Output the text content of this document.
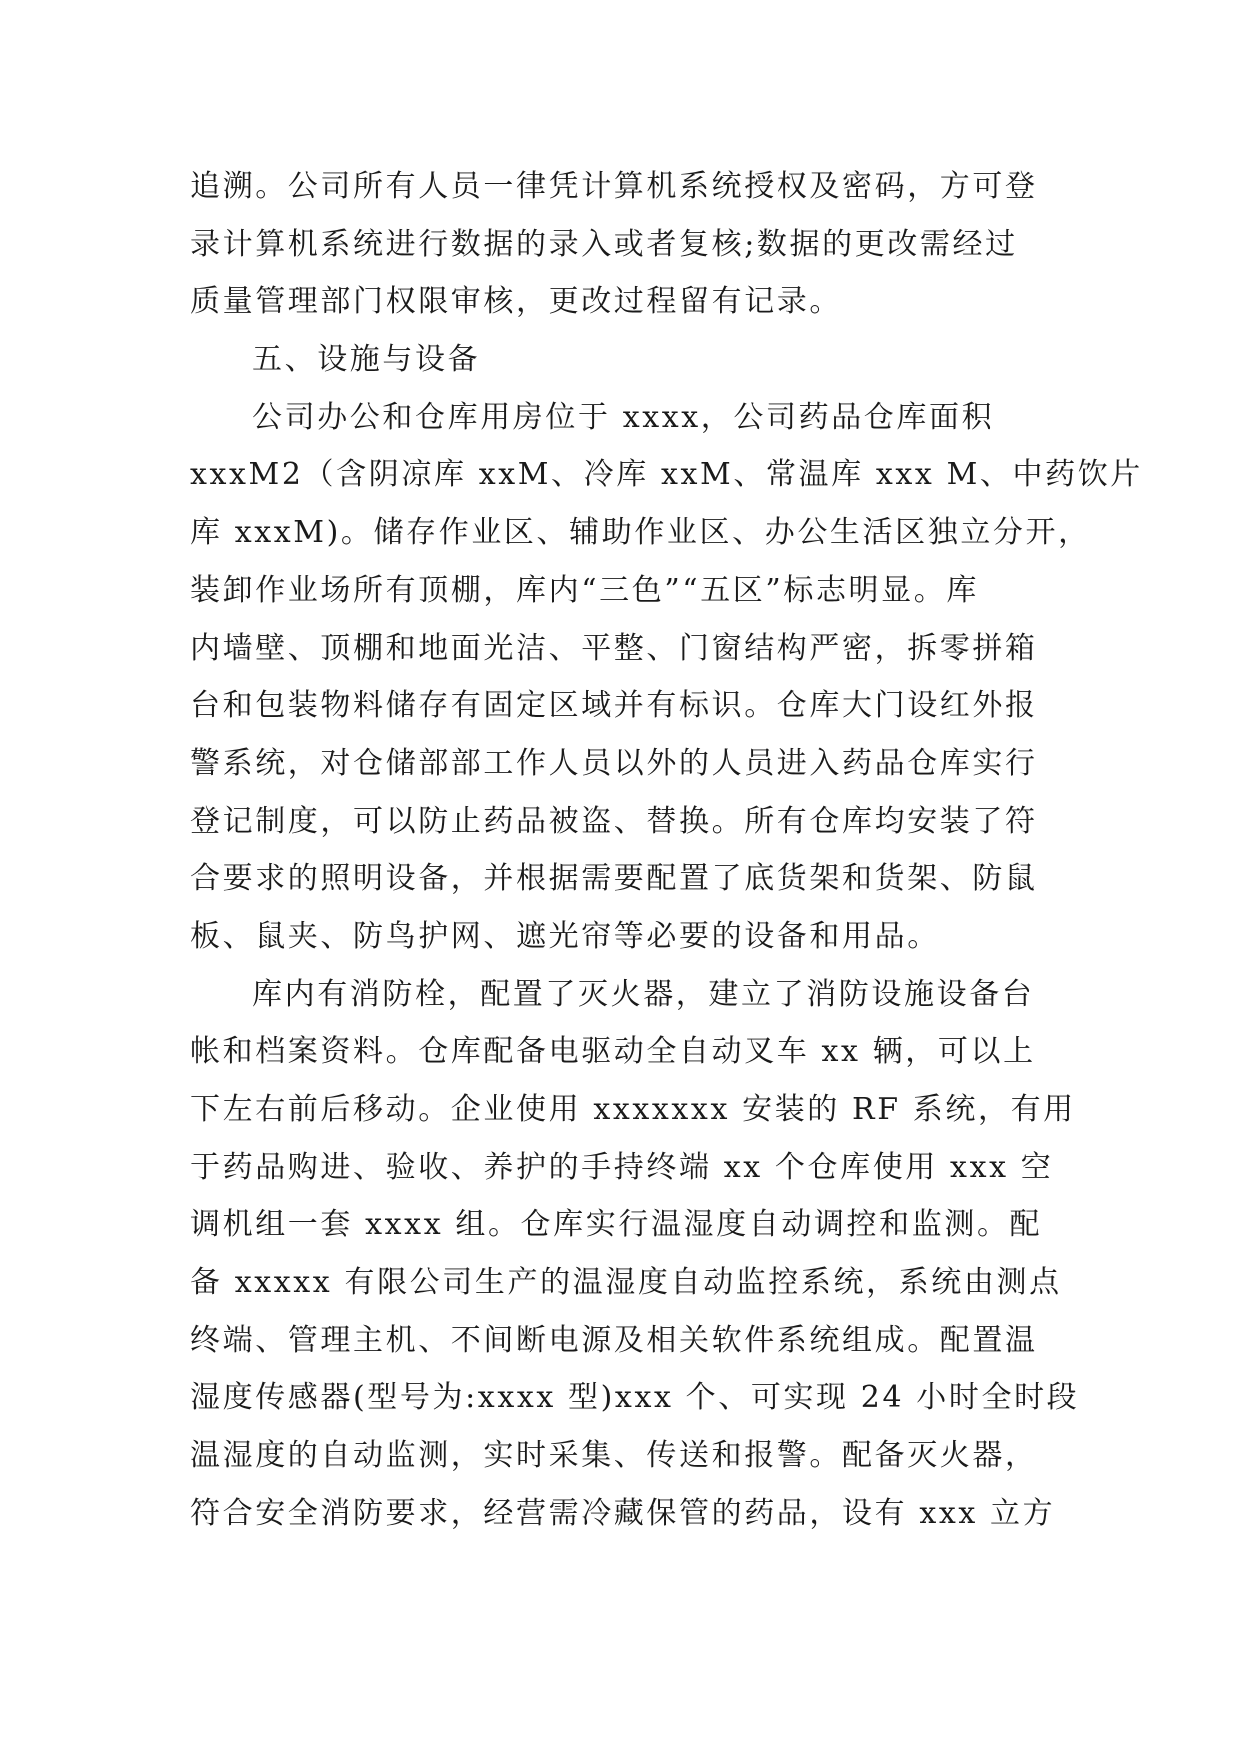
追溯。公司所有人员一律凭计算机系统授权及密码，方可登
录计算机系统进行数据的录入或者复核;数据的更改需经过
质量管理部门权限审核，更改过程留有记录。
五、设施与设备
公司办公和仓库用房位于 xxxx，公司药品仓库面积
xxxM2（含阴凉库 xxM、冷库 xxM、常温库 xxx M、中药饮片
库 xxxM)。储存作业区、辅助作业区、办公生活区独立分开，
装卸作业场所有顶棚，库内“三色”“五区”标志明显。库
内墙壁、顶棚和地面光洁、平整、门窗结构严密，拆零拼箱
台和包装物料储存有固定区域并有标识。仓库大门设红外报
警系统，对仓储部部工作人员以外的人员进入药品仓库实行
登记制度，可以防止药品被盗、替换。所有仓库均安装了符
合要求的照明设备，并根据需要配置了底货架和货架、防鼠
板、鼠夹、防鸟护网、遮光帘等必要的设备和用品。
库内有消防栓，配置了灭火器，建立了消防设施设备台
帐和档案资料。仓库配备电驱动全自动叉车 xx 辆，可以上
下左右前后移动。企业使用 xxxxxxx 安装的 RF 系统，有用
于药品购进、验收、养护的手持终端 xx 个仓库使用 xxx 空
调机组一套 xxxx 组。仓库实行温湿度自动调控和监测。配
备 xxxxx 有限公司生产的温湿度自动监控系统，系统由测点
终端、管理主机、不间断电源及相关软件系统组成。配置温
湿度传感器(型号为:xxxx 型)xxx 个、可实现 24 小时全时段
温湿度的自动监测，实时采集、传送和报警。配备灭火器，
符合安全消防要求，经营需冷藏保管的药品，设有 xxx 立方
